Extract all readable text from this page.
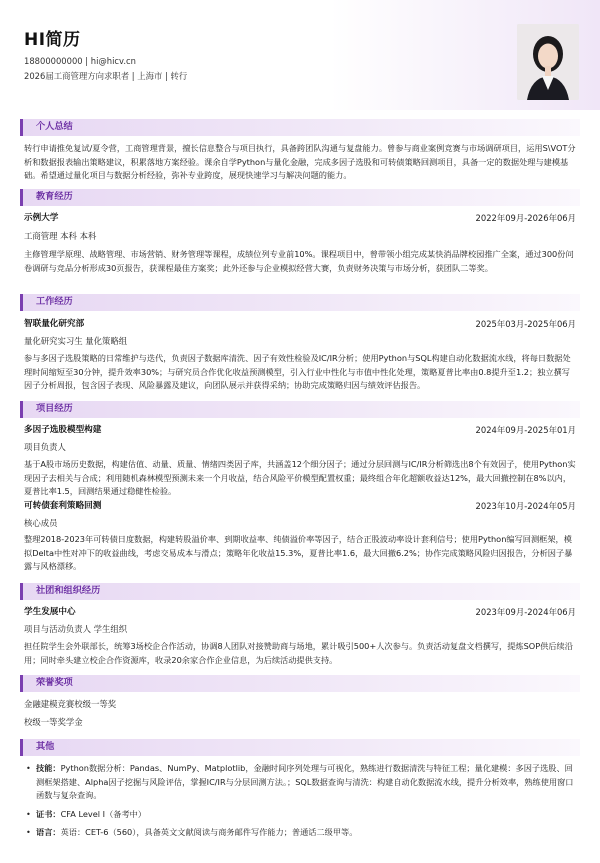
HI简历
18800000000 | hi@hicv.cn
2026届工商管理方向求职者 | 上海市 | 转行
个人总结
转行申请推免复试/夏令营，工商管理背景，擅长信息整合与项目执行，具备跨团队沟通与复盘能力。曾参与商业案例竞赛与市场调研项目，运用S\VOT分析和数据报表输出策略建议，积累落地方案经验。课余自学Python与量化金融，完成多因子选股和可转债策略回测项目，具备一定的数据处理与建模基础。希望通过量化项目与数据分析经验，弥补专业跨度，展现快速学习与解决问题的能力。
教育经历
示例大学	2022年09月-2026年06月
工商管理 本科 本科
主修管理学原理、战略管理、市场营销、财务管理等课程，成绩位列专业前10%。课程项目中，曾带领小组完成某快消品牌校园推广全案，通过300份问卷调研与竞品分析形成30页报告，获课程最佳方案奖；此外还参与企业模拟经营大赛，负责财务决策与市场分析，获团队二等奖。
工作经历
智联量化研究部	2025年03月-2025年06月
量化研究实习生 量化策略组
参与多因子选股策略的日常维护与迭代，负责因子数据库清洗、因子有效性检验及IC/IR分析；使用Python与SQL构建自动化数据流水线，将每日数据处理时间缩短至30分钟，提升效率30%；与研究员合作优化收益预测模型，引入行业中性化与市值中性化处理，策略夏普比率由0.8提升至1.2；独立撰写因子分析周报，包含因子表现、风险暴露及建议，向团队展示并获得采纳；协助完成策略归因与绩效评估报告。
项目经历
多因子选股模型构建	2024年09月-2025年01月
项目负责人
基于A股市场历史数据，构建估值、动量、质量、情绪四类因子库，共涵盖12个细分因子；通过分层回测与IC/IR分析筛选出8个有效因子，使用Python实现因子去相关与合成；利用随机森林模型预测未来一个月收益，结合风险平价模型配置权重；最终组合年化超额收益达12%，最大回撤控制在8%以内，夏普比率1.5，回测结果通过稳健性检验。
可转债套利策略回测	2023年10月-2024年05月
核心成员
整理2018-2023年可转债日度数据，构建转股溢价率、到期收益率、纯债溢价率等因子，结合正股波动率设计套利信号；使用Python编写回测框架，模拟Delta中性对冲下的收益曲线，考虑交易成本与滑点；策略年化收益15.3%，夏普比率1.6，最大回撤6.2%；协作完成策略风险归因报告，分析因子暴露与风格漂移。
社团和组织经历
学生发展中心	2023年09月-2024年06月
项目与活动负责人 学生组织
担任院学生会外联部长，统筹3场校企合作活动，协调8人团队对接赞助商与场地，累计吸引500+人次参与。负责活动复盘文档撰写，提炼SOP供后续沿用；同时牵头建立校企合作资源库，收录20余家合作企业信息，为后续活动提供支持。
荣誉奖项
金融建模竞赛校级一等奖
校级一等奖学金
其他
• 技能：Python数据分析：Pandas、NumPy、Matplotlib，金融时间序列处理与可视化，熟练进行数据清洗与特征工程；量化建模：多因子选股、回测框架搭建、Alpha因子挖掘与风险评估，掌握IC/IR与分层回测方法。；SQL数据查询与清洗：构建自动化数据流水线，提升分析效率，熟练使用窗口函数与复杂查询。
• 证书：CFA Level Ⅰ（备考中）
• 语言：英语：CET-6（560），具备英文文献阅读与商务邮件写作能力；普通话二级甲等。
